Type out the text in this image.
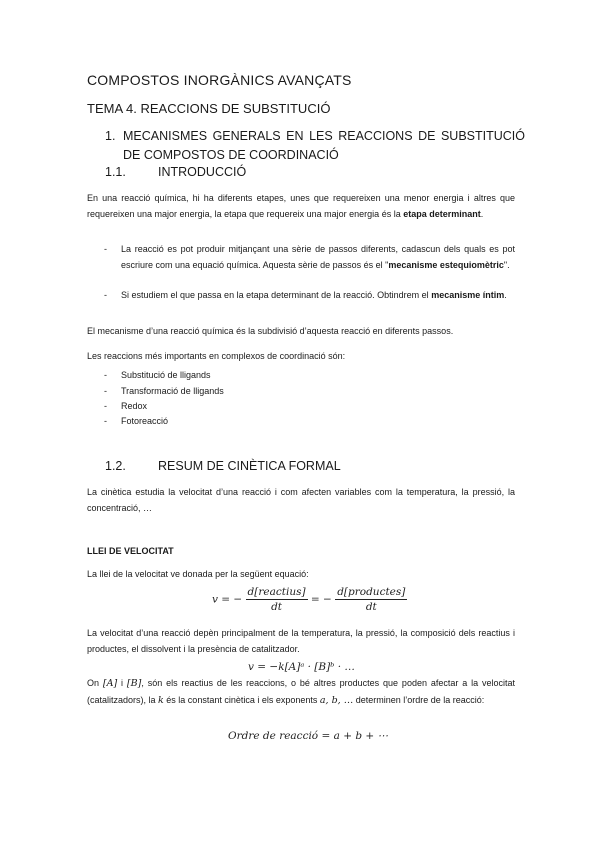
COMPOSTOS INORGÀNICS AVANÇATS
TEMA 4. REACCIONS DE SUBSTITUCIÓ
1. MECANISMES GENERALS EN LES REACCIONS DE SUBSTITUCIÓ DE COMPOSTOS DE COORDINACIÓ
1.1.	INTRODUCCIÓ
En una reacció química, hi ha diferents etapes, unes que requereixen una menor energia i altres que requereixen una major energia, la etapa que requereix una major energia és la etapa determinant.
- La reacció es pot produir mitjançant una sèrie de passos diferents, cadascun dels quals es pot escriure com una equació química. Aquesta sèrie de passos és el "mecanisme estequiomètric".
- Si estudiem el que passa en la etapa determinant de la reacció. Obtindrem el mecanisme íntim.
El mecanisme d’una reacció química és la subdivisió d’aquesta reacció en diferents passos.
Les reaccions més importants en complexos de coordinació són:
- Substitució de lligands
- Transformació de lligands
- Redox
- Fotoreacció
1.2.	RESUM DE CINÈTICA FORMAL
La cinètica estudia la velocitat d’una reacció i com afecten variables com la temperatura, la pressió, la concentració, …
LLEI DE VELOCITAT
La llei de la velocitat ve donada per la següent equació:
v = − $\frac{\text{d[reactius]}}{dt}$ = − $\frac{\text{d[productes]}}{dt}$
La velocitat d’una reacció depèn principalment de la temperatura, la pressió, la composició dels reactius i productes, el dissolvent i la presència de catalitzador.
v = −k[A]ᵃ · [B]ᵇ · …
On [A] i [B], són els reactius de les reaccions, o bé altres productes que poden afectar a la velocitat (catalitzadors), la k és la constant cinètica i els exponents a, b, … determinen l’ordre de la reacció:
Ordre de reacció = a + b + ⋯
